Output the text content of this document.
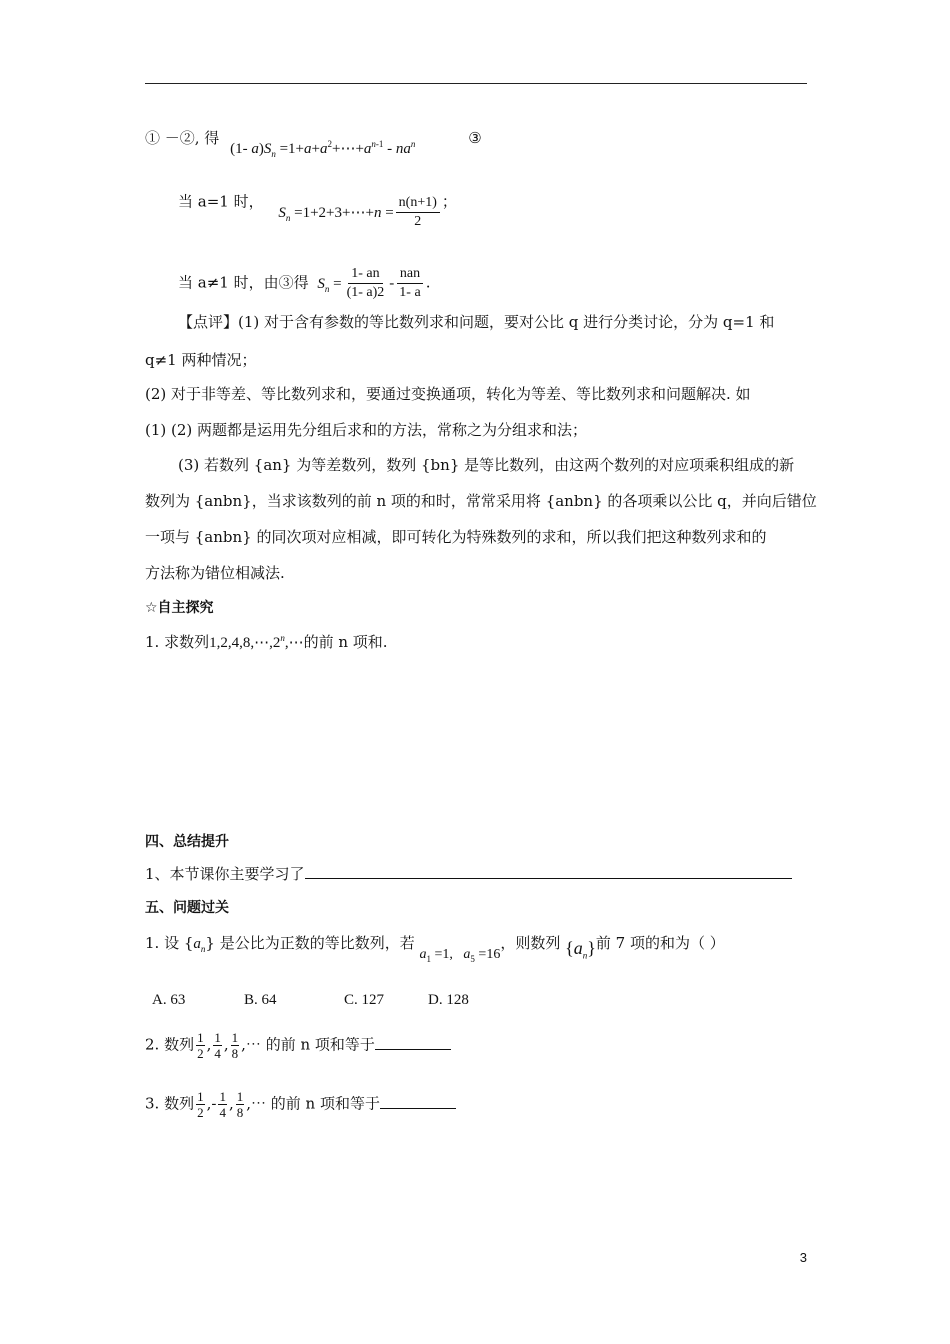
① －②, 得 (1- $a)S_n$ $=1+a+a^2+\cdots+a^{n-1} - na^n$	③
当 a=1 时， $S_n$ =1+2+3+⋯+n = $\frac{n(n+1)}{2}$ ；
当 a≠1 时，由③得 $S_n = \frac{1- an}{(1- a)2} - \frac{\text{nan}}{1- a}$ .
【点评】(1) 对于含有参数的等比数列求和问题，要对公比 q 进行分类讨论，分为 q=1 和
q≠1 两种情况；
(2) 对于非等差、等比数列求和，要通过变换通项，转化为等差、等比数列求和问题解决. 如
(1) (2) 两题都是运用先分组后求和的方法，常称之为分组求和法；
(3) 若数列 {an} 为等差数列，数列 {bn} 是等比数列，由这两个数列的对应项乘积组成的新
数列为 {anbn}，当求该数列的前 n 项的和时，常常采用将 {anbn} 的各项乘以公比 q，并向后错位
一项与 {anbn} 的同次项对应相减，即可转化为特殊数列的求和，所以我们把这种数列求和的
方法称为错位相减法.
☆自主探究
1. 求数列1,2,4,8,⋯,2$^n$,⋯的前 n 项和.
四、总结提升
1、本节课你主要学习了
五、问题过关
1. 设 $\{a_n\}$ 是公比为正数的等比数列，若 $a_1 =1$,   $a_5 =16$，则数列 $\{a_n\}$前 7 项的和为（ ）
A. 63	B. 64	C. 127	D. 128
2. 数列 $\frac{1}{2}$ , $\frac{1}{4}$ , $\frac{1}{8}$ ,⋯ 的前 n 项和等于
3. 数列 $\frac{1}{2}$ ,- $\frac{1}{4}$ , $\frac{1}{8}$ ,⋯ 的前 n 项和等于
3
